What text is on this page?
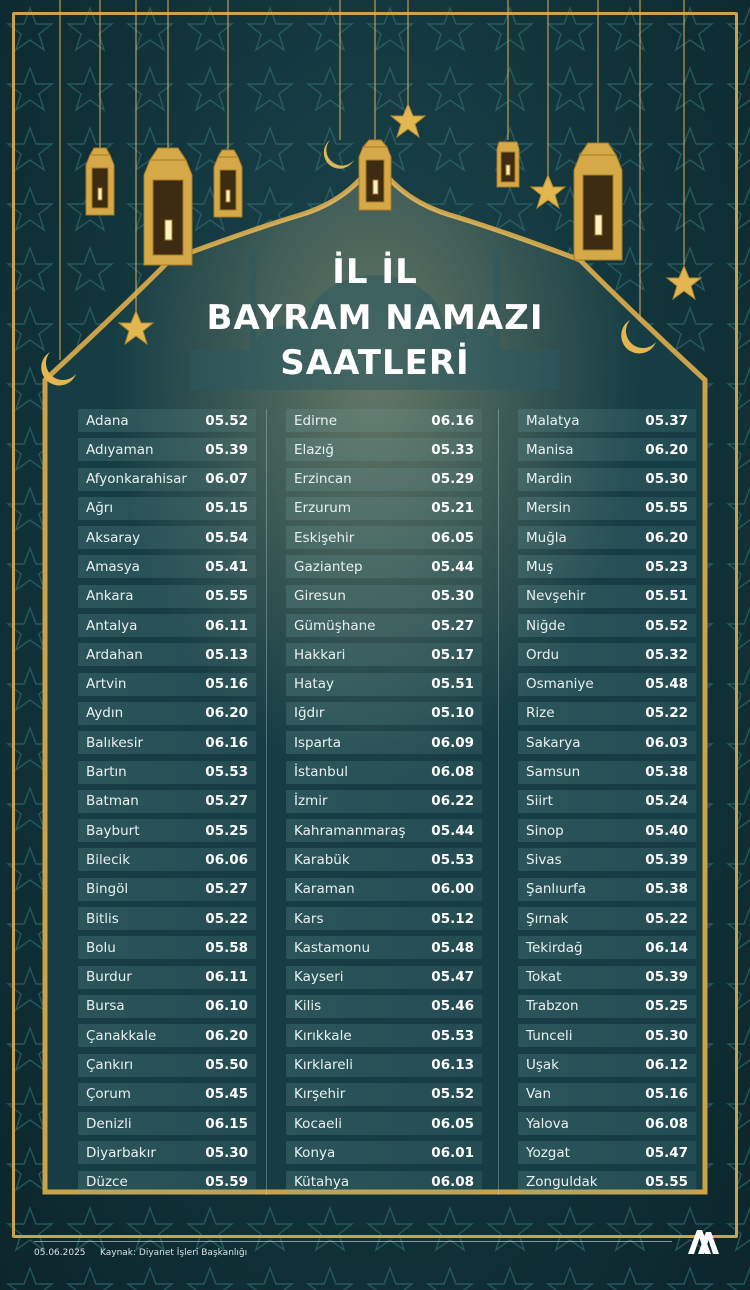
İL İL
BAYRAM NAMAZI
SAATLERİ
Adana	05.52
Adıyaman	05.39
Afyonkarahisar 06.07
Ağrı	05.15
Aksaray	05.54
Amasya	05.41
Ankara	05.55
Antalya	06.11
Ardahan	05.13
Artvin	05.16
Aydın	06.20
Balıkesir	06.16
Bartın	05.53
Batman	05.27
Bayburt	05.25
Bilecik	06.06
Bingöl	05.27
Bitlis	05.22
Bolu	05.58
Burdur	06.11
Bursa	06.10
Çanakkale	06.20
Çankırı	05.50
Çorum	05.45
Denizli	06.15
Diyarbakır	05.30
Düzce	05.59
Edirne	06.16
Elazığ	05.33
Erzincan	05.29
Erzurum	05.21
Eskişehir	06.05
Gaziantep	05.44
Giresun	05.30
Gümüşhane	05.27
Hakkari	05.17
Hatay	05.51
Iğdır	05.10
Isparta	06.09
İstanbul	06.08
İzmir	06.22
Kahramanmaraş 05.44
Karabük	05.53
Karaman	06.00
Kars	05.12
Kastamonu	05.48
Kayseri	05.47
Kilis	05.46
Kırıkkale	05.53
Kırklareli	06.13
Kırşehir	05.52
Kocaeli	06.05
Konya	06.01
Kütahya	06.08
Malatya	05.37
Manisa	06.20
Mardin	05.30
Mersin	05.55
Muğla	06.20
Muş	05.23
Nevşehir	05.51
Niğde	05.52
Ordu	05.32
Osmaniye	05.48
Rize	05.22
Sakarya	06.03
Samsun	05.38
Siirt	05.24
Sinop	05.40
Sivas	05.39
Şanlıurfa	05.38
Şırnak	05.22
Tekirdağ	06.14
Tokat	05.39
Trabzon	05.25
Tunceli	05.30
Uşak	06.12
Van	05.16
Yalova	06.08
Yozgat	05.47
Zonguldak	05.55
05.06.2025 Kaynak: Diyanet İşleri Başkanlığı
